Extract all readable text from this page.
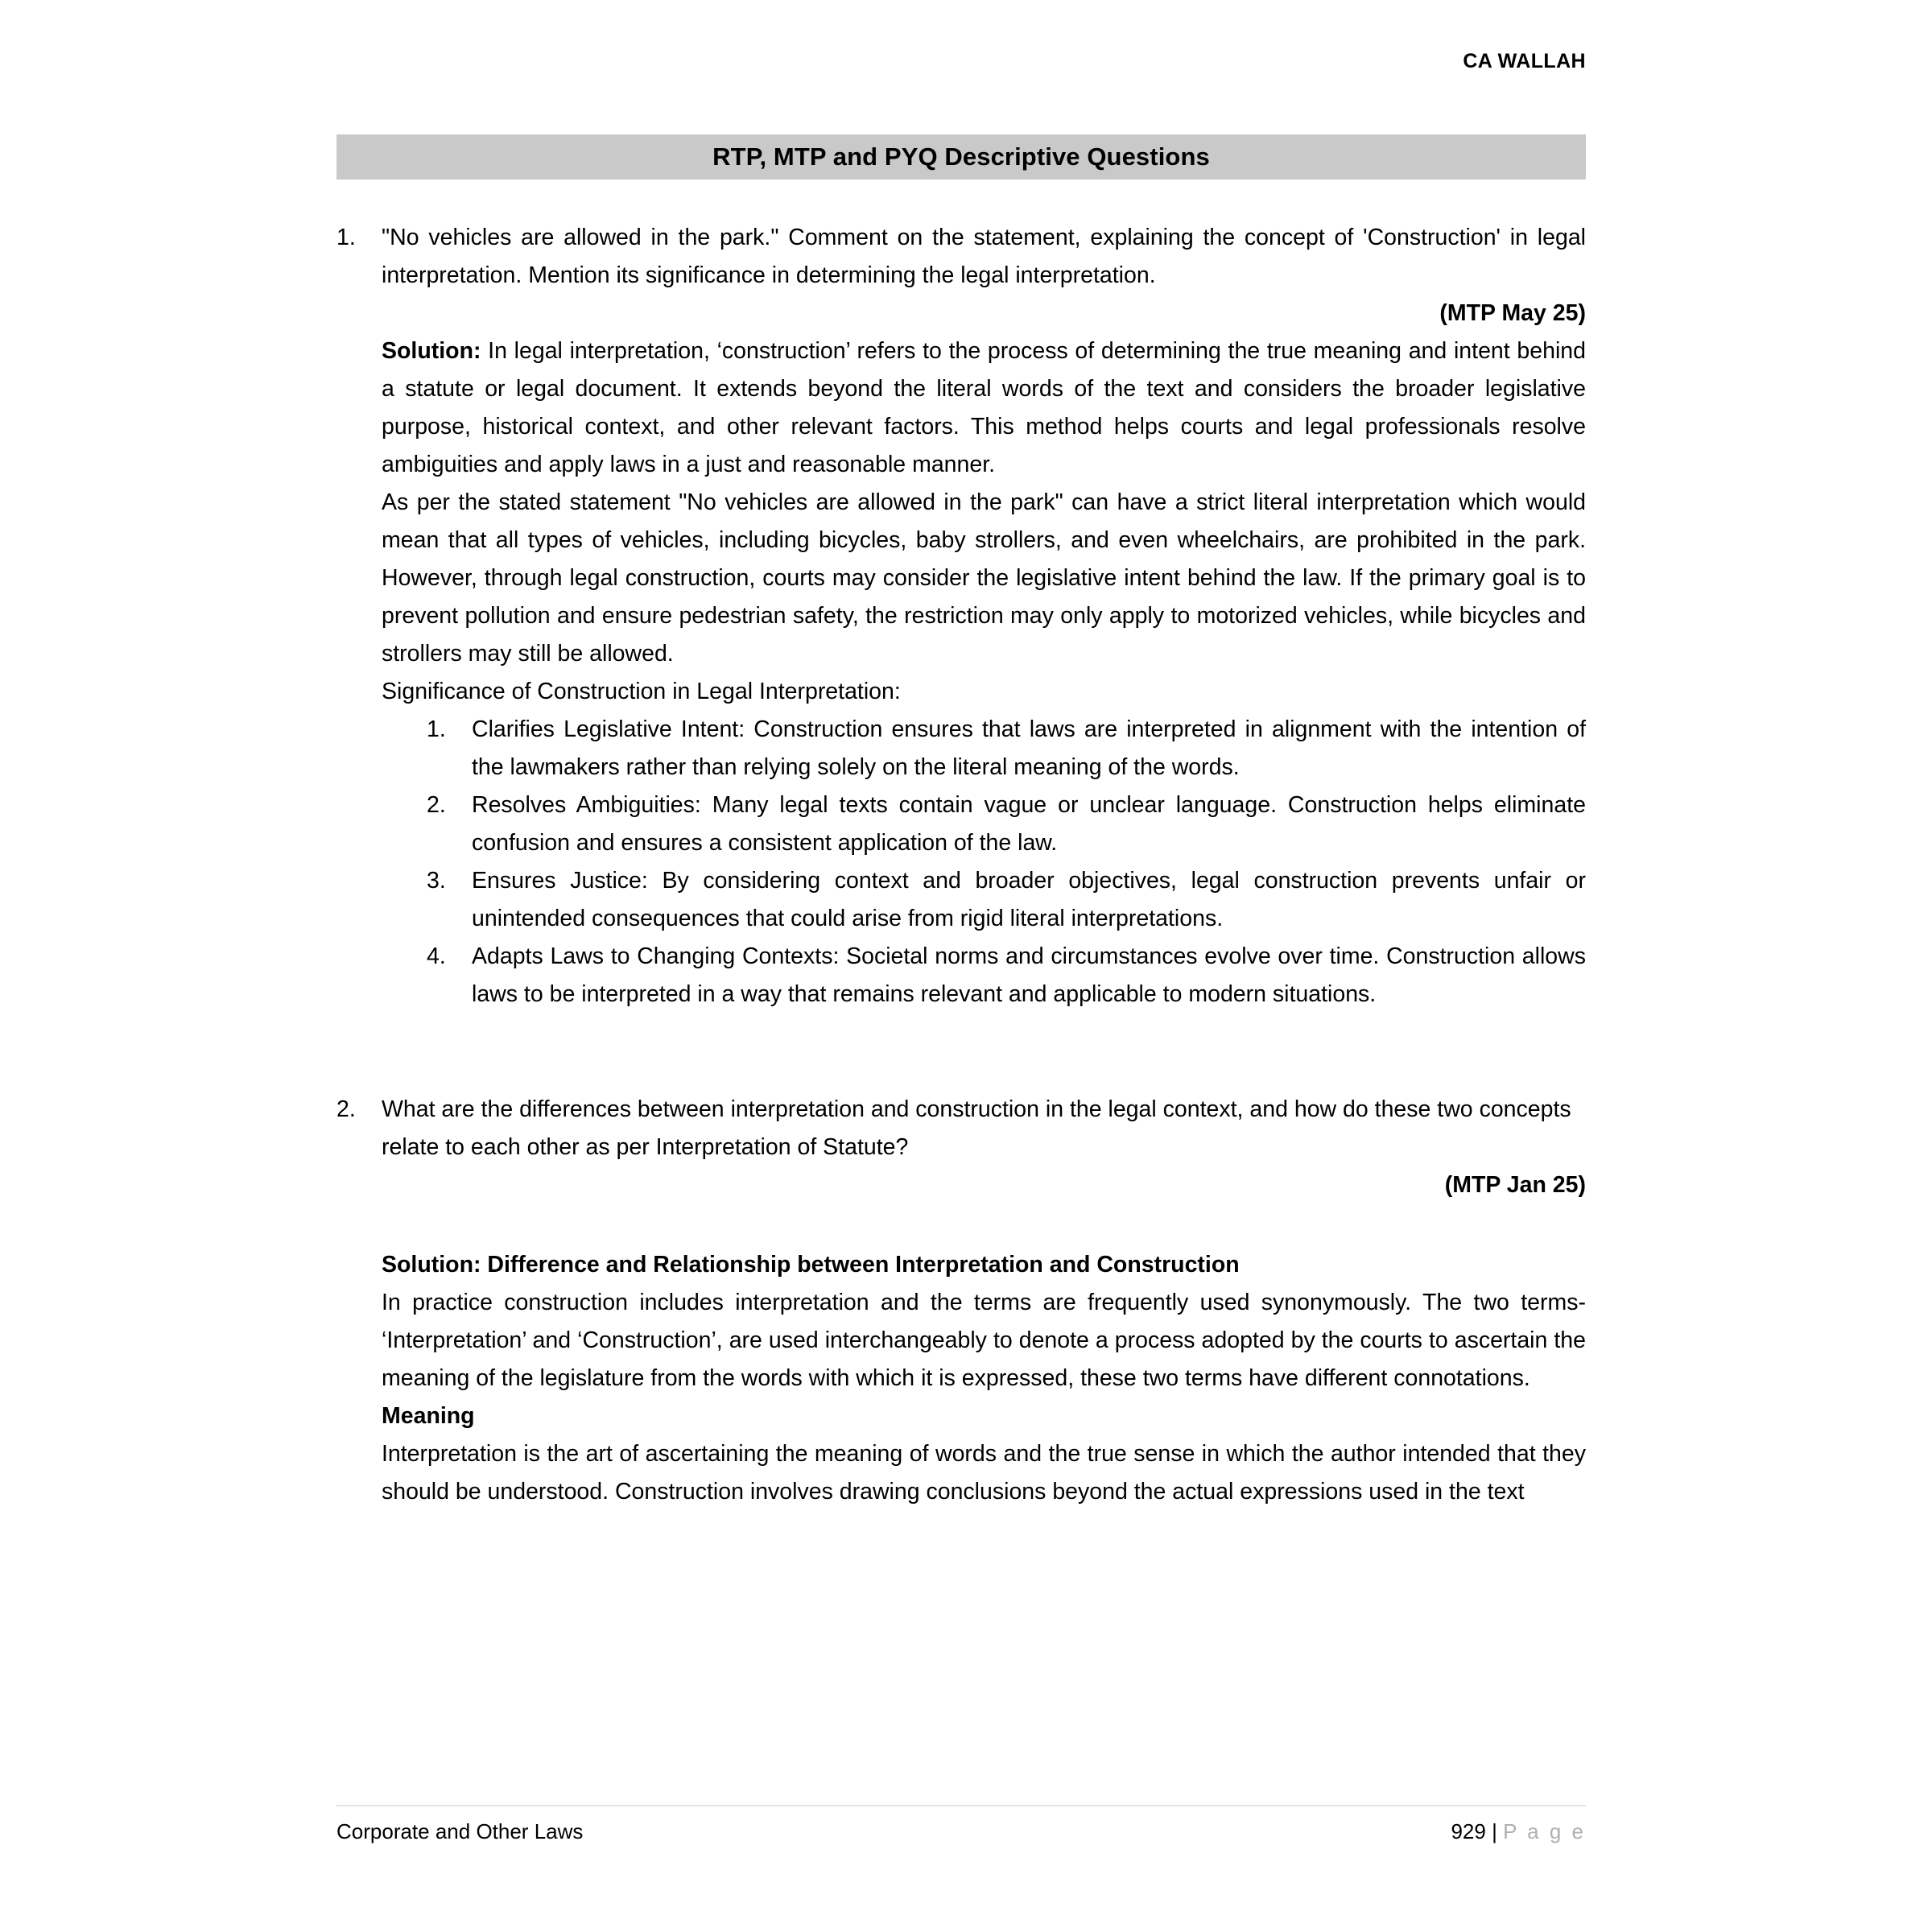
CA WALLAH
RTP, MTP and PYQ Descriptive Questions
1.	"No vehicles are allowed in the park." Comment on the statement, explaining the concept of 'Construction' in legal interpretation. Mention its significance in determining the legal interpretation.

(MTP May 25)

Solution: In legal interpretation, ‘construction’ refers to the process of determining the true meaning and intent behind a statute or legal document. It extends beyond the literal words of the text and considers the broader legislative purpose, historical context, and other relevant factors. This method helps courts and legal professionals resolve ambiguities and apply laws in a just and reasonable manner.

As per the stated statement "No vehicles are allowed in the park" can have a strict literal interpretation which would mean that all types of vehicles, including bicycles, baby strollers, and even wheelchairs, are prohibited in the park. However, through legal construction, courts may consider the legislative intent behind the law. If the primary goal is to prevent pollution and ensure pedestrian safety, the restriction may only apply to motorized vehicles, while bicycles and strollers may still be allowed.

Significance of Construction in Legal Interpretation:

1.	Clarifies Legislative Intent: Construction ensures that laws are interpreted in alignment with the intention of the lawmakers rather than relying solely on the literal meaning of the words.
2.	Resolves Ambiguities: Many legal texts contain vague or unclear language. Construction helps eliminate confusion and ensures a consistent application of the law.
3.	Ensures Justice: By considering context and broader objectives, legal construction prevents unfair or unintended consequences that could arise from rigid literal interpretations.
4.	Adapts Laws to Changing Contexts: Societal norms and circumstances evolve over time. Construction allows laws to be interpreted in a way that remains relevant and applicable to modern situations.
2.	What are the differences between interpretation and construction in the legal context, and how do these two concepts relate to each other as per Interpretation of Statute?

(MTP Jan 25)

Solution: Difference and Relationship between Interpretation and Construction

In practice construction includes interpretation and the terms are frequently used synonymously. The two terms- ‘Interpretation’ and ‘Construction’, are used interchangeably to denote a process adopted by the courts to ascertain the meaning of the legislature from the words with which it is expressed, these two terms have different connotations.

Meaning

Interpretation is the art of ascertaining the meaning of words and the true sense in which the author intended that they should be understood. Construction involves drawing conclusions beyond the actual expressions used in the text

Corporate and Other Laws	929 | P a g e
